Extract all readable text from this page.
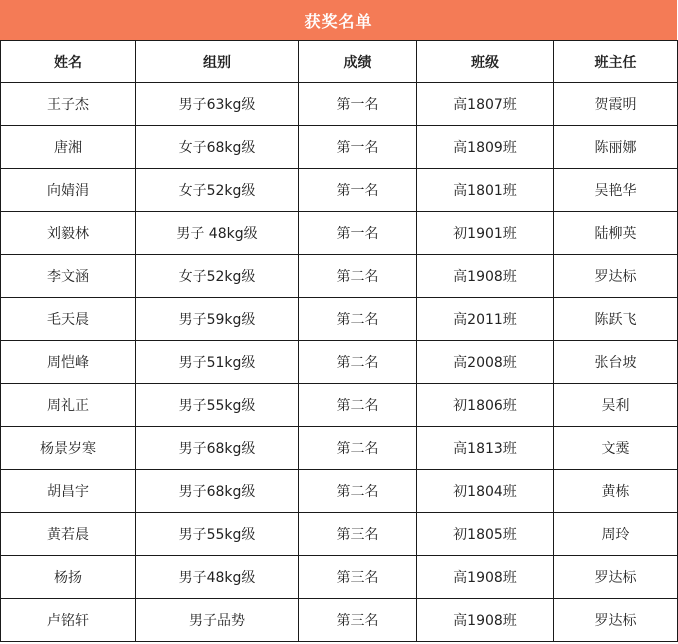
获奖名单
姓名	组别	成绩	班级	班主任
王子杰	男子63kg级	第一名	高1807班	贺霞明
唐湘	女子68kg级	第一名	高1809班	陈丽娜
向婧涓	女子52kg级	第一名	高1801班	吴艳华
刘毅林	男子 48kg级	第一名	初1901班	陆柳英
李文涵	女子52kg级	第二名	高1908班	罗达标
毛天晨	男子59kg级	第二名	高2011班	陈跃飞
周恺峰	男子51kg级	第二名	高2008班	张台坡
周礼正	男子55kg级	第二名	初1806班	吴利
杨景岁寒	男子68kg级	第二名	高1813班	文霙
胡昌宇	男子68kg级	第二名	初1804班	黄栋
黄若晨	男子55kg级	第三名	初1805班	周玲
杨扬	男子48kg级	第三名	高1908班	罗达标
卢铭轩	男子品势	第三名	高1908班	罗达标
